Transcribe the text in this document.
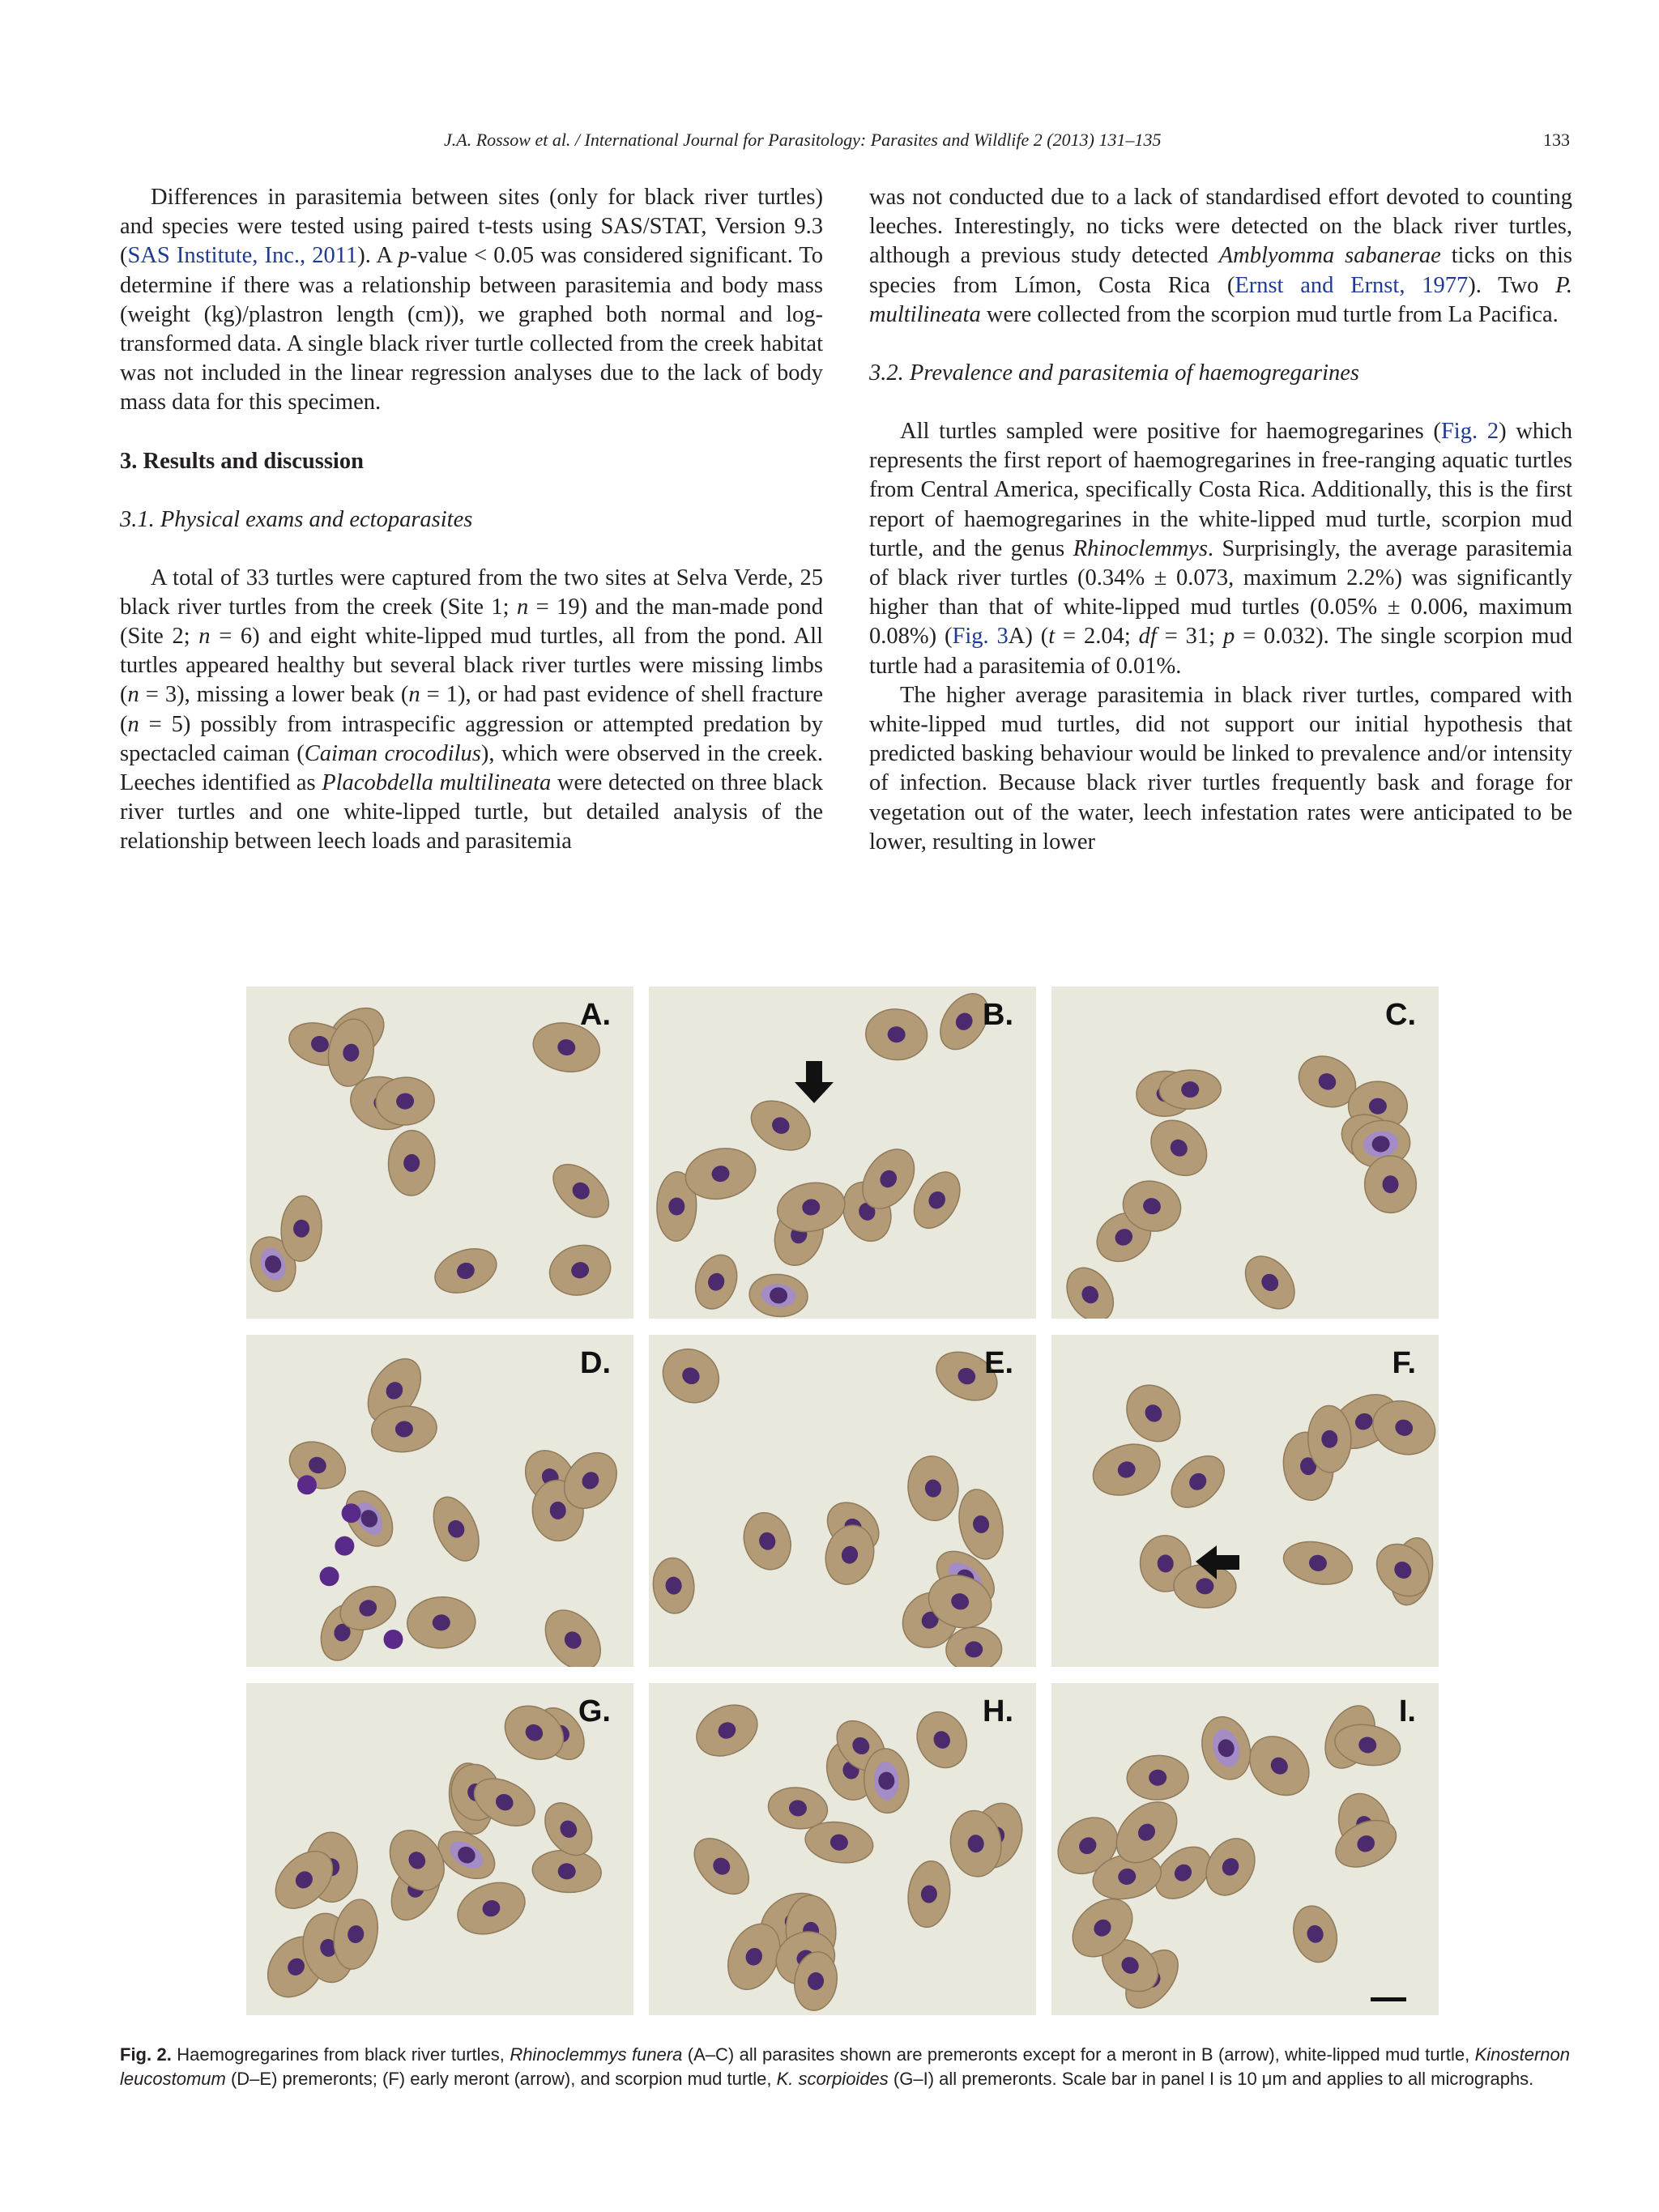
J.A. Rossow et al. / International Journal for Parasitology: Parasites and Wildlife 2 (2013) 131–135	133

Differences in parasitemia between sites (only for black river turtles) and species were tested using paired t-tests using SAS/STAT, Version 9.3 (SAS Institute, Inc., 2011). A p-value < 0.05 was considered significant. To determine if there was a relationship between parasitemia and body mass (weight (kg)/plastron length (cm)), we graphed both normal and log-transformed data. A single black river turtle collected from the creek habitat was not included in the linear regression analyses due to the lack of body mass data for this specimen.

3. Results and discussion
3.1. Physical exams and ectoparasites

A total of 33 turtles were captured from the two sites at Selva Verde, 25 black river turtles from the creek (Site 1; n = 19) and the man-made pond (Site 2; n = 6) and eight white-lipped mud turtles, all from the pond. All turtles appeared healthy but several black river turtles were missing limbs (n = 3), missing a lower beak (n = 1), or had past evidence of shell fracture (n = 5) possibly from intraspecific aggression or attempted predation by spectacled caiman (Caiman crocodilus), which were observed in the creek. Leeches identified as Placobdella multilineata were detected on three black river turtles and one white-lipped turtle, but detailed analysis of the relationship between leech loads and parasitemia

was not conducted due to a lack of standardised effort devoted to counting leeches. Interestingly, no ticks were detected on the black river turtles, although a previous study detected Amblyomma sabanerae ticks on this species from Límon, Costa Rica (Ernst and Ernst, 1977). Two P. multilineata were collected from the scorpion mud turtle from La Pacifica.

3.2. Prevalence and parasitemia of haemogregarines

All turtles sampled were positive for haemogregarines (Fig. 2) which represents the first report of haemogregarines in free-ranging aquatic turtles from Central America, specifically Costa Rica. Additionally, this is the first report of haemogregarines in the white-lipped mud turtle, scorpion mud turtle, and the genus Rhinoclemmys. Surprisingly, the average parasitemia of black river turtles (0.34% ± 0.073, maximum 2.2%) was significantly higher than that of white-lipped mud turtles (0.05% ± 0.006, maximum 0.08%) (Fig. 3A) (t = 2.04; df = 31; p = 0.032). The single scorpion mud turtle had a parasitemia of 0.01%.

The higher average parasitemia in black river turtles, compared with white-lipped mud turtles, did not support our initial hypothesis that predicted basking behaviour would be linked to prevalence and/or intensity of infection. Because black river turtles frequently bask and forage for vegetation out of the water, leech infestation rates were anticipated to be lower, resulting in lower

A.	B.	C.
D.	E.	F.
G.	H.	I.
Fig. 2. Haemogregarines from black river turtles, Rhinoclemmys funera (A–C) all parasites shown are premeronts except for a meront in B (arrow), white-lipped mud turtle, Kinosternon leucostomum (D–E) premeronts; (F) early meront (arrow), and scorpion mud turtle, K. scorpioides (G–I) all premeronts. Scale bar in panel I is 10 μm and applies to all micrographs.
